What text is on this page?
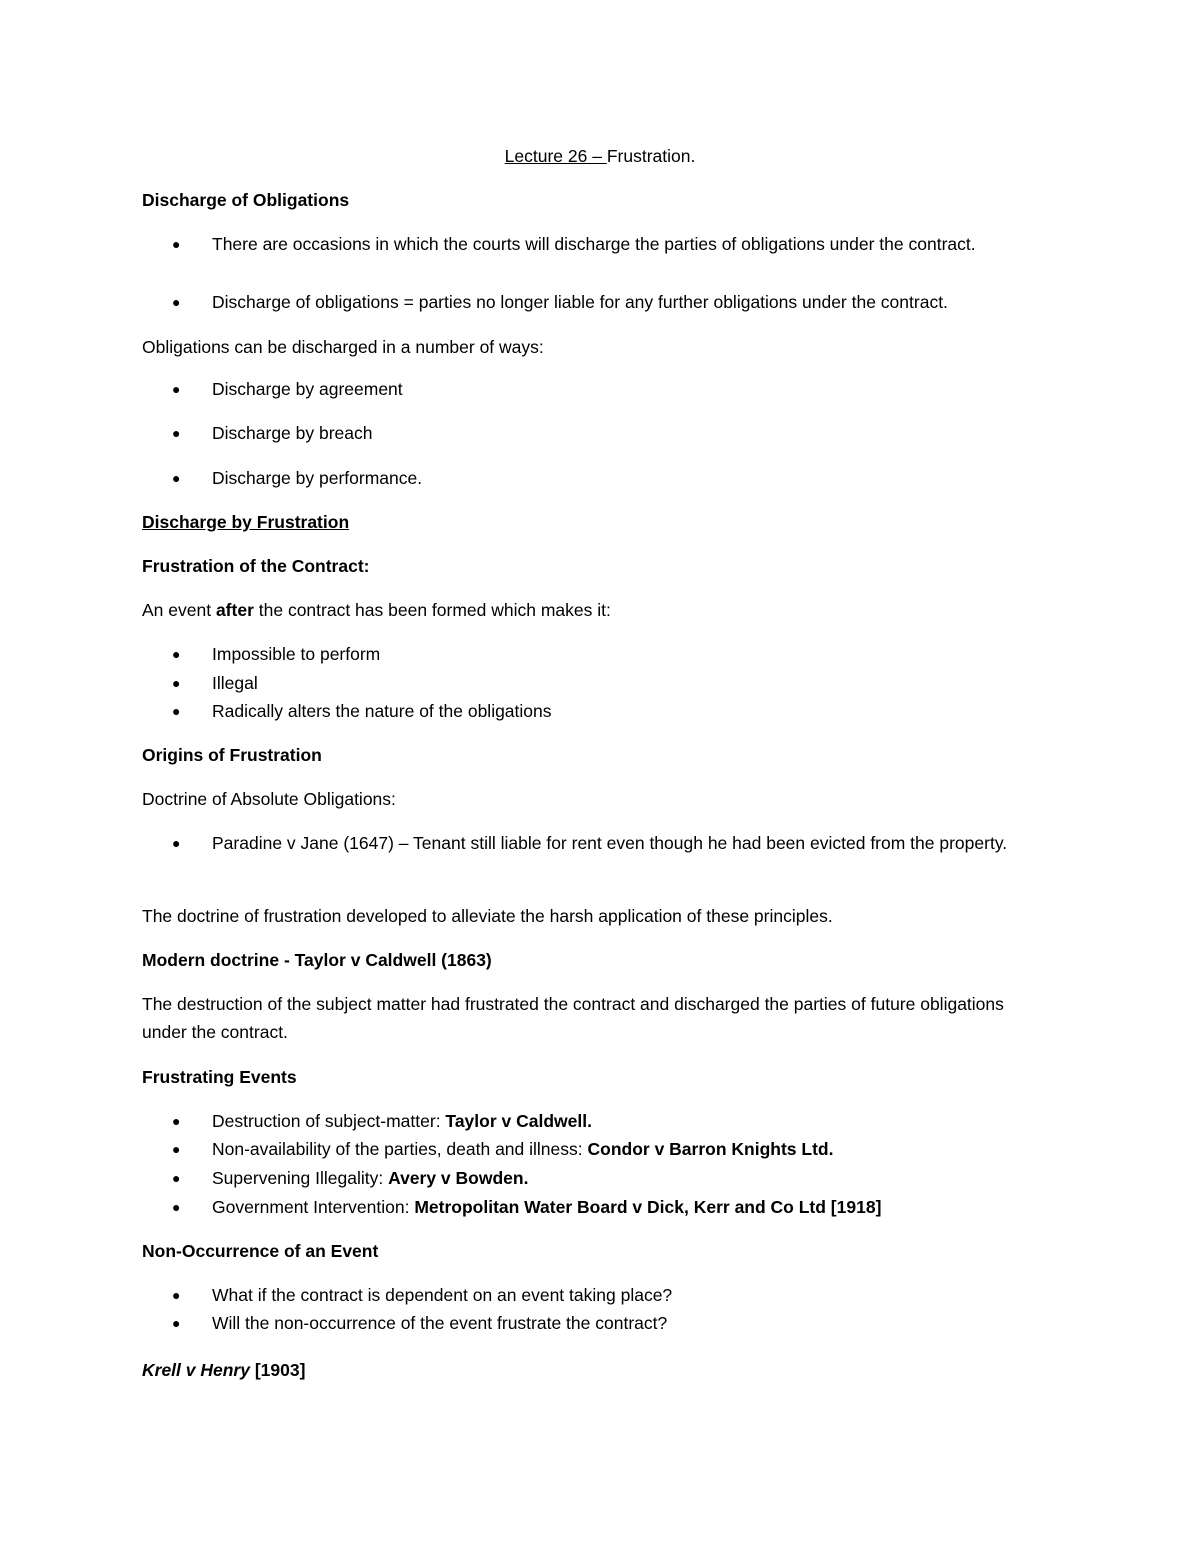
Lecture 26 – Frustration.
Discharge of Obligations
● There are occasions in which the courts will discharge the parties of obligations under the contract.
● Discharge of obligations = parties no longer liable for any further obligations under the contract.
Obligations can be discharged in a number of ways:
● Discharge by agreement
● Discharge by breach
● Discharge by performance.
Discharge by Frustration
Frustration of the Contract:
An event after the contract has been formed which makes it:
● Impossible to perform
● Illegal
● Radically alters the nature of the obligations
Origins of Frustration
Doctrine of Absolute Obligations:
● Paradine v Jane (1647) – Tenant still liable for rent even though he had been evicted from the property.
The doctrine of frustration developed to alleviate the harsh application of these principles.
Modern doctrine - Taylor v Caldwell (1863)
The destruction of the subject matter had frustrated the contract and discharged the parties of future obligations under the contract.
Frustrating Events
● Destruction of subject-matter: Taylor v Caldwell.
● Non-availability of the parties, death and illness: Condor v Barron Knights Ltd.
● Supervening Illegality: Avery v Bowden.
● Government Intervention: Metropolitan Water Board v Dick, Kerr and Co Ltd [1918]
Non-Occurrence of an Event
● What if the contract is dependent on an event taking place?
● Will the non-occurrence of the event frustrate the contract?
Krell v Henry [1903]
